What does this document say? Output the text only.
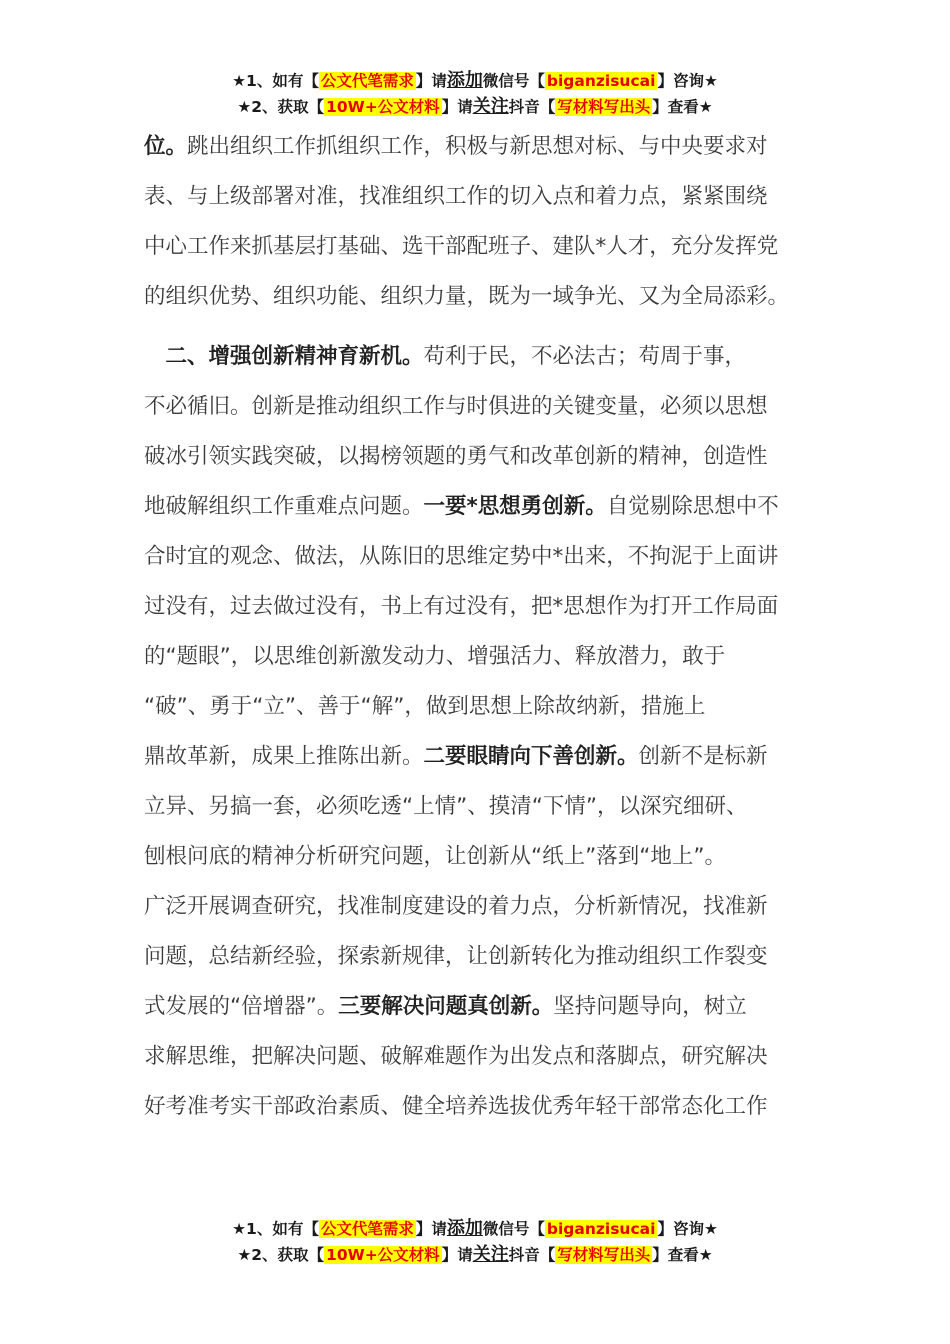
★1、如有【 公文代笔需求 】请添加微信号【 biganzisucai 】咨询★
★2、获取【 10W+公文材料 】请关注抖音【 写材料写出头 】查看★
位。跳出组织工作抓组织工作，积极与新思想对标、与中央要求对
表、与上级部署对准，找准组织工作的切入点和着力点，紧紧围绕
中心工作来抓基层打基础、选干部配班子、建队*人才，充分发挥党
的组织优势、组织功能、组织力量，既为一域争光、又为全局添彩。
　二、增强创新精神育新机。苟利于民，不必法古；苟周于事，
不必循旧。创新是推动组织工作与时俱进的关键变量，必须以思想
破冰引领实践突破，以揭榜领题的勇气和改革创新的精神，创造性
地破解组织工作重难点问题。一要*思想勇创新。自觉剔除思想中不
合时宜的观念、做法，从陈旧的思维定势中*出来，不拘泥于上面讲
过没有，过去做过没有，书上有过没有，把*思想作为打开工作局面
的“题眼”，以思维创新激发动力、增强活力、释放潜力，敢于
“破”、勇于“立”、善于“解”，做到思想上除故纳新，措施上
鼎故革新，成果上推陈出新。二要眼睛向下善创新。创新不是标新
立异、另搞一套，必须吃透“上情”、摸清“下情”，以深究细研、
刨根问底的精神分析研究问题，让创新从“纸上”落到“地上”。
广泛开展调查研究，找准制度建设的着力点，分析新情况，找准新
问题，总结新经验，探索新规律，让创新转化为推动组织工作裂变
式发展的“倍增器”。三要解决问题真创新。坚持问题导向，树立
求解思维，把解决问题、破解难题作为出发点和落脚点，研究解决
好考准考实干部政治素质、健全培养选拔优秀年轻干部常态化工作
★1、如有【 公文代笔需求 】请添加微信号【 biganzisucai 】咨询★
★2、获取【 10W+公文材料 】请关注抖音【 写材料写出头 】查看★
